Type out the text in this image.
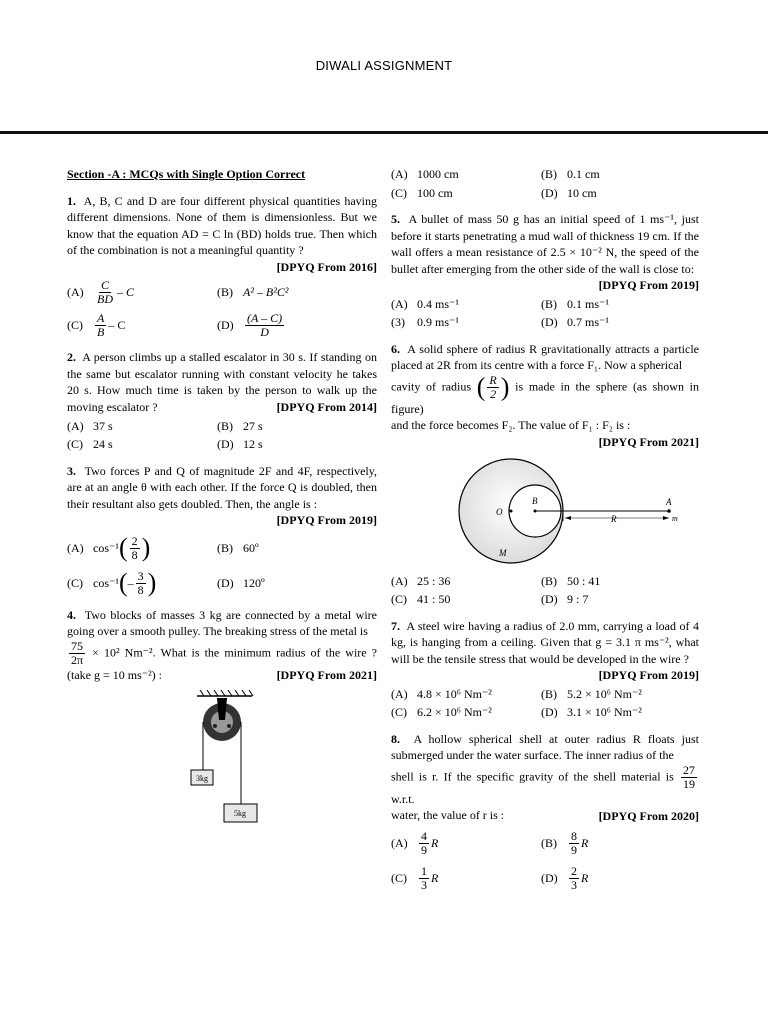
DIWALI ASSIGNMENT
Section -A : MCQs with Single Option Correct
1. A, B, C and D are four different physical quantities having different dimensions. None of them is dimensionless. But we know that the equation AD = C ln (BD) holds true. Then which of the combination is not a meaningful quantity ?
[DPYQ From 2016]
$(A) \frac{C}{BD}$ – C	(B) A² – B²C²
(C)	$\frac{A}{B}$ – C	$(D) \frac{(A - C)}{D}$
2. A person climbs up a stalled escalator in 30 s. If standing on the same but escalator running with constant velocity he takes 20 s. How much time is taken by the person to walk up the moving escalator ?	[DPYQ From 2014]
(A) 37 s	(B) 27 s
(C) 24 s	(D) 12 s
3. Two forces P and Q of magnitude 2F and 4F, respectively, are at an angle θ with each other. If the force Q is doubled, then their resultant also gets doubled. Then, the angle is :
[DPYQ From 2019]
(A) cos⁻¹ ( $\frac{2}{8}$ )	(B) 60º
(C) cos⁻¹ ( – $\frac{3}{8}$ )	(D) 120º
4. Two blocks of masses 3 kg are connected by a metal wire going over a smooth pulley. The breaking stress of the metal is

$\frac{75}{2\pi} \times 10^2$ Nm⁻². What is the minimum radius of the wire ? (take g = 10 ms⁻²) :	[DPYQ From 2021]
3kg
5kg
(A) 1000 cm	(B) 0.1 cm
(C) 100 cm	(D) 10 cm
5. A bullet of mass 50 g has an initial speed of 1 ms⁻¹, just before it starts penetrating a mud wall of thickness 19 cm. If the wall offers a mean resistance of 2.5 × 10⁻² N, the speed of the bullet after emerging from the other side of the wall is close to:
[DPYQ From 2019]
(A) 0.4 ms⁻¹	(B) 0.1 ms⁻¹
(3)	0.9 ms⁻¹	(D) 0.7 ms⁻¹
6. A solid sphere of radius R gravitationally attracts a particle placed at 2R from its centre with a force F₁. Now a spherical
cavity of radius ( $\frac{R}{2}$ ) is made in the sphere (as shown in figure)
and the force becomes F₂. The value of F₁ : F₂ is :
[DPYQ From 2021]
O
B	A
R	m
M
(A) 25 : 36	(B) 50 : 41
(C) 41 : 50	(D) 9 : 7
7. A steel wire having a radius of 2.0 mm, carrying a load of 4 kg, is hanging from a ceiling. Given that g = 3.1 π ms⁻², what will be the tensile stress that would be developed in the wire ?
[DPYQ From 2019]
(A) 4.8 × 10⁶ Nm⁻²	(B) 5.2 × 10⁶ Nm⁻²
(C) 6.2 × 10⁶ Nm⁻²	(D) 3.1 × 10⁶ Nm⁻²
8. A hollow spherical shell at outer radius R floats just submerged under the water surface. The inner radius of the
shell is r. If the specific gravity of the shell material is $\frac{27}{19}$
w.r.t.
water, the value of r is :	[DPYQ From 2020]
$(A) \frac{4}{9}$ R	(B)	$\frac{8}{9}$ R
(C)	$\frac{1}{3}$ R	$(D) \frac{2}{3}$ R
